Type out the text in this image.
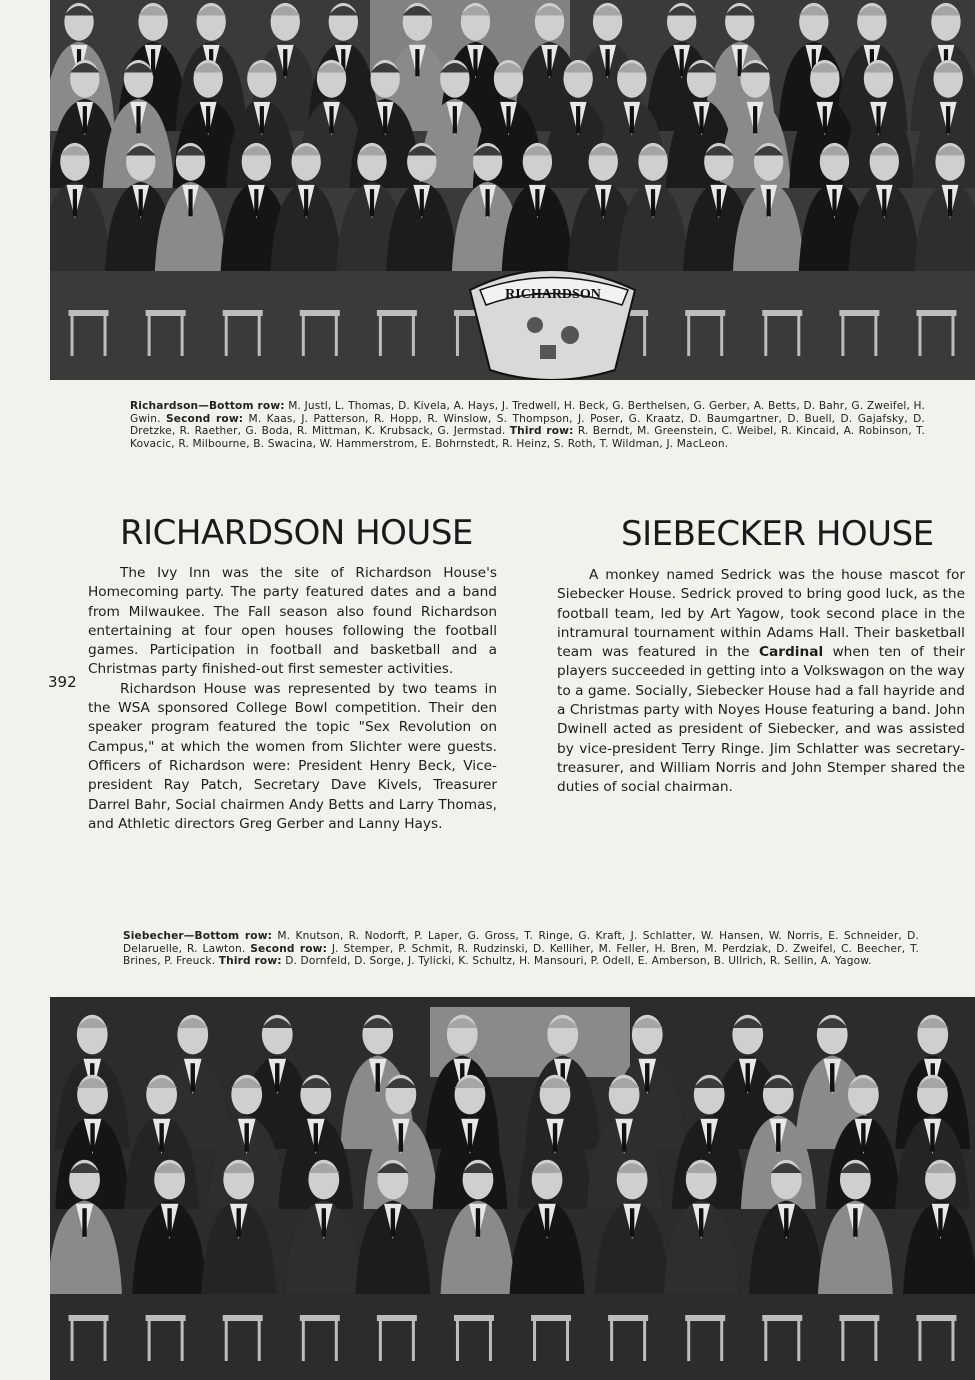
RICHARDSON
Richardson—Bottom row: M. Justl, L. Thomas, D. Kivela, A. Hays, J. Tredwell, H. Beck, G. Berthelsen, G. Gerber, A. Betts, D. Bahr, G. Zweifel, H. Gwin. Second row: M. Kaas, J. Patterson, R. Hopp, R. Winslow, S. Thompson, J. Poser, G. Kraatz, D. Baumgartner, D. Buell, D. Gajafsky, D. Dretzke, R. Raether, G. Boda, R. Mittman, K. Krubsack, G. Jermstad. Third row: R. Berndt, M. Greenstein, C. Weibel, R. Kincaid, A. Robinson, T. Kovacic, R. Milbourne, B. Swacina, W. Hammerstrom, E. Bohrnstedt, R. Heinz, S. Roth, T. Wildman, J. MacLeon.
RICHARDSON HOUSE	SIEBECKER HOUSE

The Ivy Inn was the site of Richardson House's Homecoming party. The party featured dates and a band from Milwaukee. The Fall season also found Richardson entertaining at four open houses following the football games. Participation in football and basketball and a Christmas party finished-out first semester activities.

Richardson House was represented by two teams in the WSA sponsored College Bowl competition. Their den speaker program featured the topic "Sex Revolution on Campus," at which the women from Slichter were guests. Officers of Richardson were: President Henry Beck, Vice-president Ray Patch, Secretary Dave Kivels, Treasurer Darrel Bahr, Social chairmen Andy Betts and Larry Thomas, and Athletic directors Greg Gerber and Lanny Hays.

392

A monkey named Sedrick was the house mascot for Siebecker House. Sedrick proved to bring good luck, as the football team, led by Art Yagow, took second place in the intramural tournament within Adams Hall. Their basketball team was featured in the Cardinal when ten of their players succeeded in getting into a Volkswagon on the way to a game. Socially, Siebecker House had a fall hayride and a Christmas party with Noyes House featuring a band. John Dwinell acted as president of Siebecker, and was assisted by vice-president Terry Ringe. Jim Schlatter was secretary-treasurer, and William Norris and John Stemper shared the duties of social chairman.

Siebecher—Bottom row: M. Knutson, R. Nodorft, P. Laper, G. Gross, T. Ringe, G. Kraft, J. Schlatter, W. Hansen, W. Norris, E. Schneider, D. Delaruelle, R. Lawton. Second row: J. Stemper, P. Schmit, R. Rudzinski, D. Kelliher, M. Feller, H. Bren, M. Perdziak, D. Zweifel, C. Beecher, T. Brines, P. Freuck. Third row: D. Dornfeld, D. Sorge, J. Tylicki, K. Schultz, H. Mansouri, P. Odell, E. Amberson, B. Ullrich, R. Sellin, A. Yagow.
